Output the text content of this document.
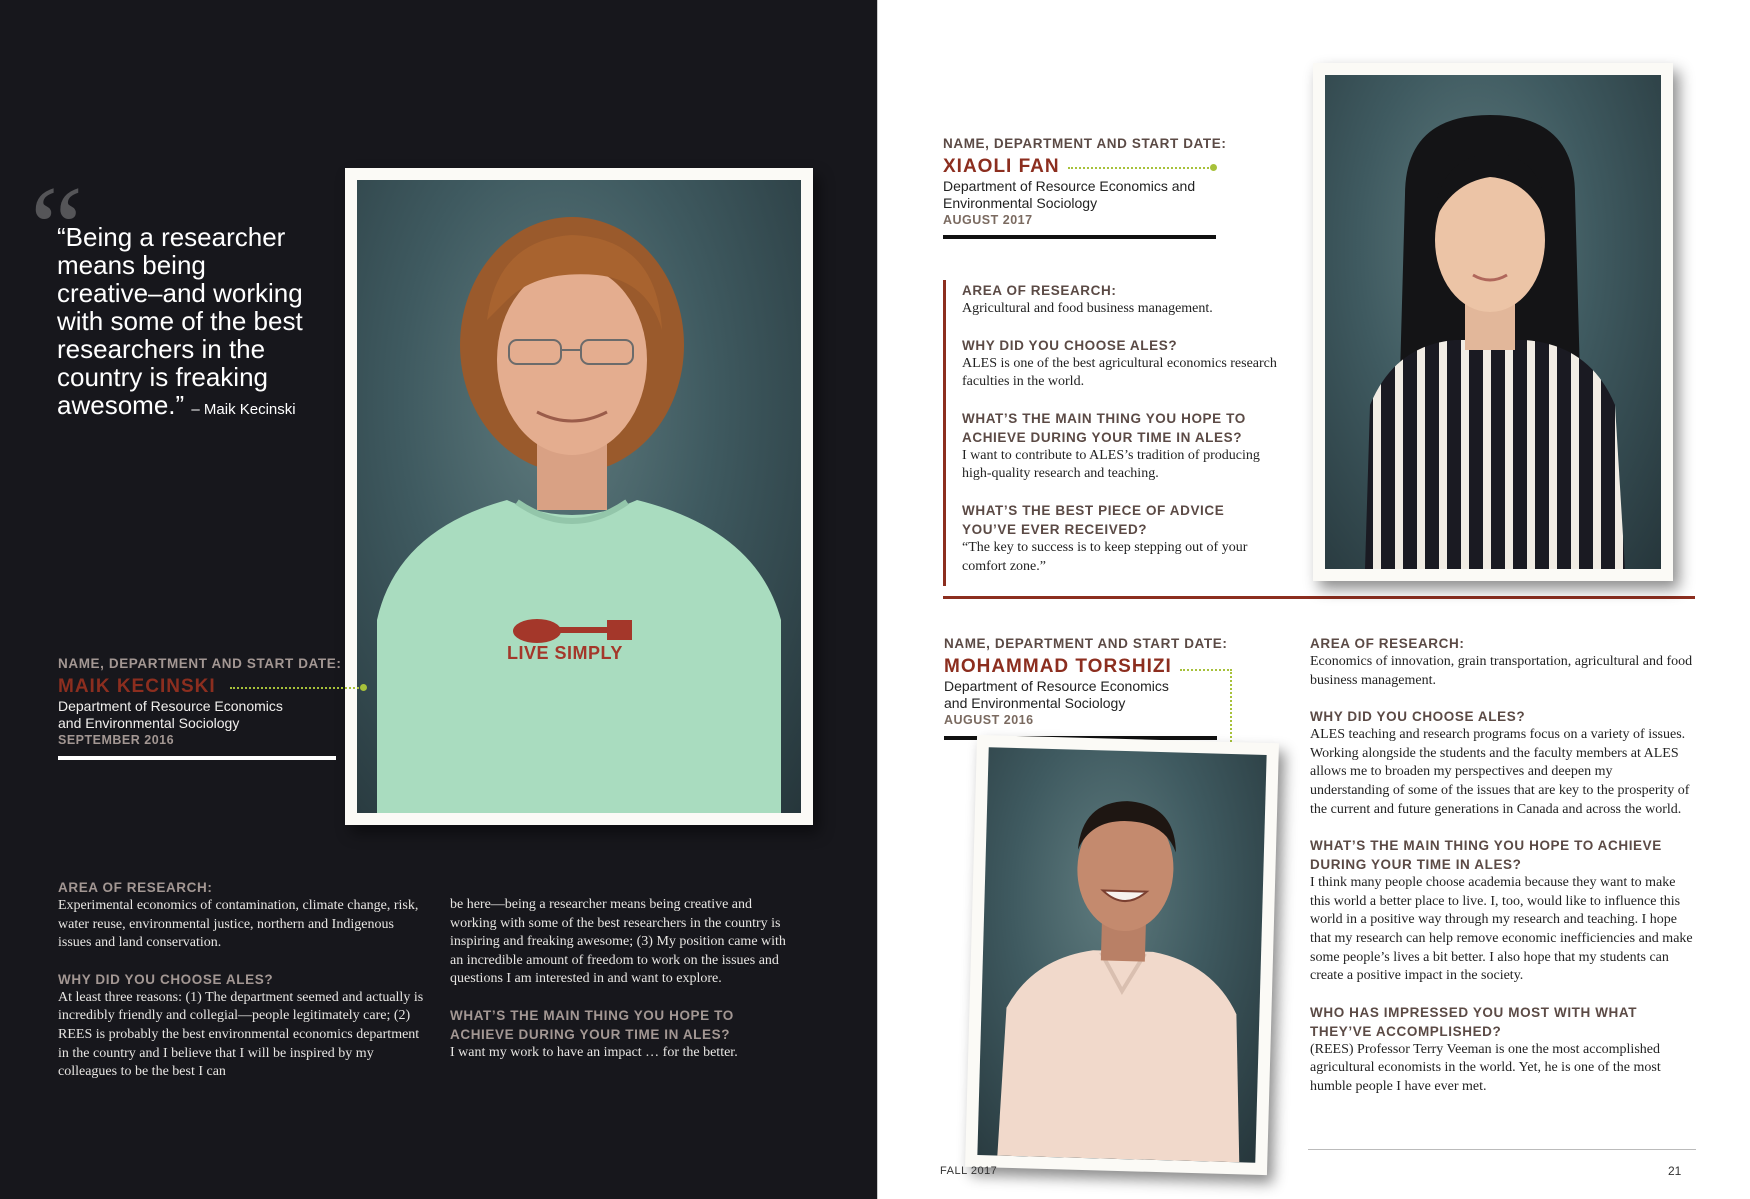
“
“Being a researcher means being creative–and working with some of the best researchers in the country is freaking awesome.” – Maik Kecinski
LIVE SIMPLY
NAME, DEPARTMENT AND START DATE:
MAIK KECINSKI
Department of Resource Economics
and Environmental Sociology
SEPTEMBER 2016
AREA OF RESEARCH:
Experimental economics of contamination, climate change, risk, water reuse, environmental justice, northern and Indigenous issues and land conservation.
WHY DID YOU CHOOSE ALES?
At least three reasons: (1) The department seemed and actually is incredibly friendly and collegial—people legitimately care; (2) REES is probably the best environmental economics department in the country and I believe that I will be inspired by my colleagues to be the best I can
be here—being a researcher means being creative and working with some of the best researchers in the country is inspiring and freaking awesome; (3) My position came with an incredible amount of freedom to work on the issues and questions I am interested in and want to explore.
WHAT’S THE MAIN THING YOU HOPE TO ACHIEVE DURING YOUR TIME IN ALES?
I want my work to have an impact … for the better.
NAME, DEPARTMENT AND START DATE:
XIAOLI FAN
Department of Resource Economics and
Environmental Sociology
AUGUST 2017
AREA OF RESEARCH:
Agricultural and food business management.
WHY DID YOU CHOOSE ALES?
ALES is one of the best agricultural economics research faculties in the world.
WHAT’S THE MAIN THING YOU HOPE TO ACHIEVE DURING YOUR TIME IN ALES?
I want to contribute to ALES’s tradition of producing high-quality research and teaching.
WHAT’S THE BEST PIECE OF ADVICE YOU’VE EVER RECEIVED?
“The key to success is to keep stepping out of your comfort zone.”
NAME, DEPARTMENT AND START DATE:
MOHAMMAD TORSHIZI
Department of Resource Economics
and Environmental Sociology
AUGUST 2016
AREA OF RESEARCH:
Economics of innovation, grain transportation, agricultural and food business management.
WHY DID YOU CHOOSE ALES?
ALES teaching and research programs focus on a variety of issues. Working alongside the students and the faculty members at ALES allows me to broaden my perspectives and deepen my understanding of some of the issues that are key to the prosperity of the current and future generations in Canada and across the world.
WHAT’S THE MAIN THING YOU HOPE TO ACHIEVE DURING YOUR TIME IN ALES?
I think many people choose academia because they want to make this world a better place to live. I, too, would like to influence this world in a positive way through my research and teaching. I hope that my research can help remove economic inefficiencies and make some people’s lives a bit better. I also hope that my students can create a positive impact in the society.
WHO HAS IMPRESSED YOU MOST WITH WHAT THEY’VE ACCOMPLISHED?
(REES) Professor Terry Veeman is one the most accomplished agricultural economists in the world. Yet, he is one of the most humble people I have ever met.
FALL 2017	21
